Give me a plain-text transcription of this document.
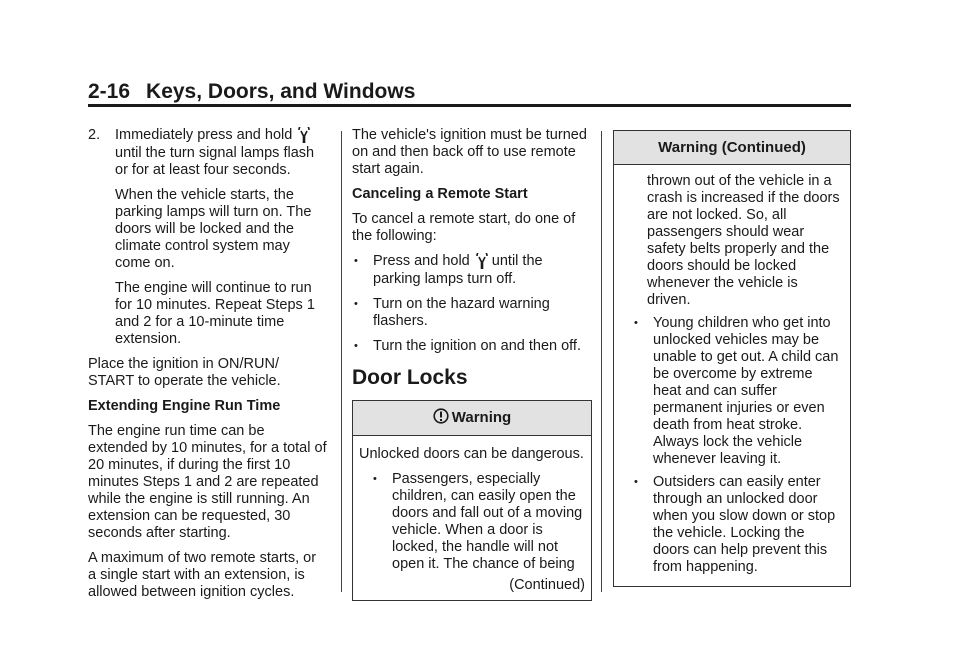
2-16 Keys, Doors, and Windows
2.	Immediately press and hold  until the turn signal lamps flash or for at least four seconds.

When the vehicle starts, the parking lamps will turn on. The doors will be locked and the climate control system may come on.

The engine will continue to run for 10 minutes. Repeat Steps 1 and 2 for a 10-minute time extension.

Place the ignition in ON/RUN/ START to operate the vehicle.

Extending Engine Run Time

The engine run time can be extended by 10 minutes, for a total of 20 minutes, if during the first 10 minutes Steps 1 and 2 are repeated while the engine is still running. An extension can be requested, 30 seconds after starting.

A maximum of two remote starts, or a single start with an extension, is allowed between ignition cycles.

The vehicle's ignition must be turned on and then back off to use remote start again.

Canceling a Remote Start

To cancel a remote start, do one of the following:

•	Press and hold until the parking lamps turn off.
•	Turn on the hazard warning flashers.
•	Turn the ignition on and then off.
Door Locks
Warning

Unlocked doors can be dangerous.

•	Passengers, especially children, can easily open the doors and fall out of a moving vehicle. When a door is locked, the handle will not open it. The chance of being
(Continued)
Warning (Continued)

thrown out of the vehicle in a crash is increased if the doors are not locked. So, all passengers should wear safety belts properly and the doors should be locked whenever the vehicle is driven.

•	Young children who get into unlocked vehicles may be unable to get out. A child can be overcome by extreme heat and can suffer permanent injuries or even death from heat stroke. Always lock the vehicle whenever leaving it.
•	Outsiders can easily enter through an unlocked door when you slow down or stop the vehicle. Locking the doors can help prevent this from happening.
